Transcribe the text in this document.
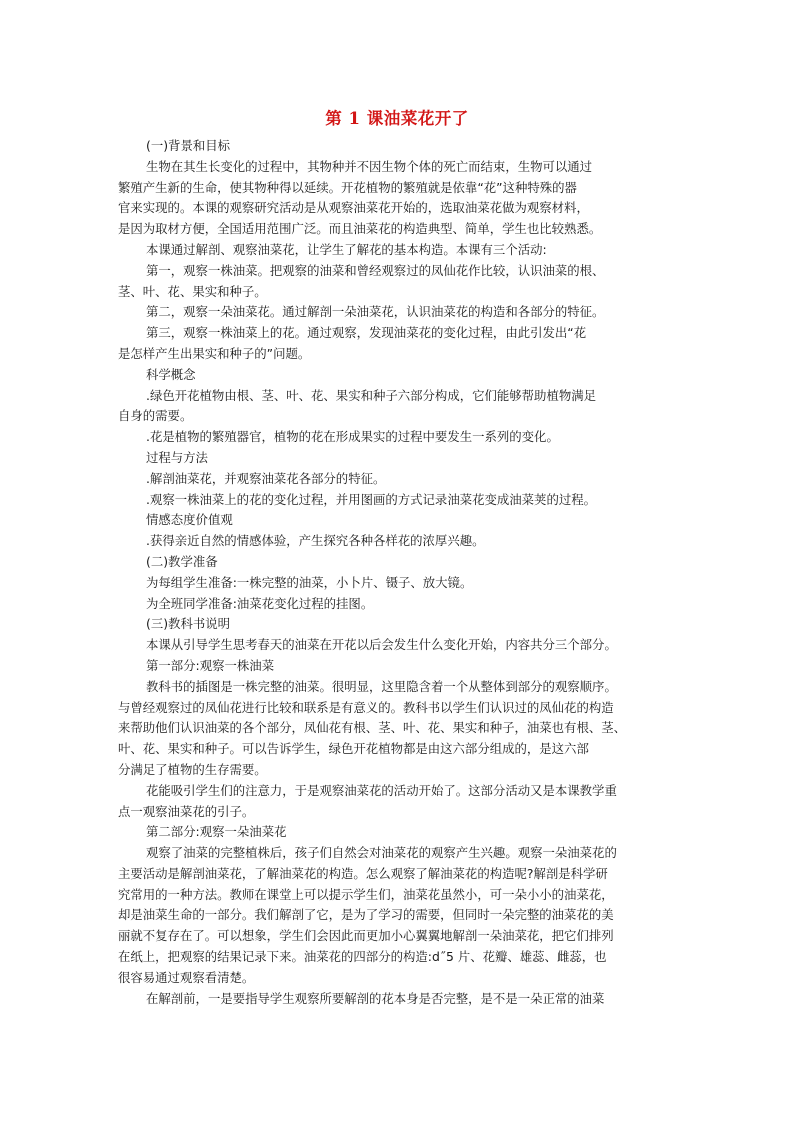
第 1 课油菜花开了
(一)背景和目标
生物在其生长变化的过程中，其物种并不因生物个体的死亡而结束，生物可以通过
繁殖产生新的生命，使其物种得以延续。开花植物的繁殖就是依靠“花”这种特殊的器
官来实现的。本课的观察研究活动是从观察油菜花开始的，选取油菜花做为观察材料，
是因为取材方便，全国适用范围广泛。而且油菜花的构造典型、简单，学生也比较熟悉。
本课通过解剖、观察油菜花，让学生了解花的基本构造。本课有三个活动:
第一，观察一株油菜。把观察的油菜和曾经观察过的凤仙花作比较，认识油菜的根、
茎、叶、花、果实和种子。
第二，观察一朵油菜花。通过解剖一朵油菜花，认识油菜花的构造和各部分的特征。
第三，观察一株油菜上的花。通过观察，发现油菜花的变化过程，由此引发出“花
是怎样产生出果实和种子的”问题。
科学概念
.绿色开花植物由根、茎、叶、花、果实和种子六部分构成，它们能够帮助植物满足
自身的需要。
.花是植物的繁殖器官，植物的花在形成果实的过程中要发生一系列的变化。
过程与方法
.解剖油菜花，并观察油菜花各部分的特征。
.观察一株油菜上的花的变化过程，并用图画的方式记录油菜花变成油菜荚的过程。
情感态度价值观
.获得亲近自然的情感体验，产生探究各种各样花的浓厚兴趣。
(二)教学准备
为每组学生准备:一株完整的油菜，小卜片、镊子、放大镜。
为全班同学准备:油菜花变化过程的挂图。
(三)教科书说明
本课从引导学生思考春天的油菜在开花以后会发生什么变化开始，内容共分三个部分。
第一部分:观察一株油菜
教科书的插图是一株完整的油菜。很明显，这里隐含着一个从整体到部分的观察顺序。
与曾经观察过的凤仙花进行比较和联系是有意义的。教科书以学生们认识过的凤仙花的构造
来帮助他们认识油菜的各个部分，凤仙花有根、茎、叶、花、果实和种子，油菜也有根、茎、
叶、花、果实和种子。可以告诉学生，绿色开花植物都是由这六部分组成的，是这六部
分满足了植物的生存需要。
花能吸引学生们的注意力，于是观察油菜花的活动开始了。这部分活动又是本课教学重
点一观察油菜花的引子。
第二部分:观察一朵油菜花
观察了油菜的完整植株后，孩子们自然会对油菜花的观察产生兴趣。观察一朵油菜花的
主要活动是解剖油菜花，了解油菜花的构造。怎么观察了解油菜花的构造呢?解剖是科学研
究常用的一种方法。教师在课堂上可以提示学生们，油菜花虽然小，可一朵小小的油菜花，
却是油菜生命的一部分。我们解剖了它，是为了学习的需要，但同时一朵完整的油菜花的美
丽就不复存在了。可以想象，学生们会因此而更加小心翼翼地解剖一朵油菜花，把它们排列
在纸上，把观察的结果记录下来。油菜花的四部分的构造:d˝5 片、花瓣、雄蕊、雌蕊，也
很容易通过观察看清楚。
在解剖前，一是要指导学生观察所要解剖的花本身是否完整，是不是一朵正常的油菜
